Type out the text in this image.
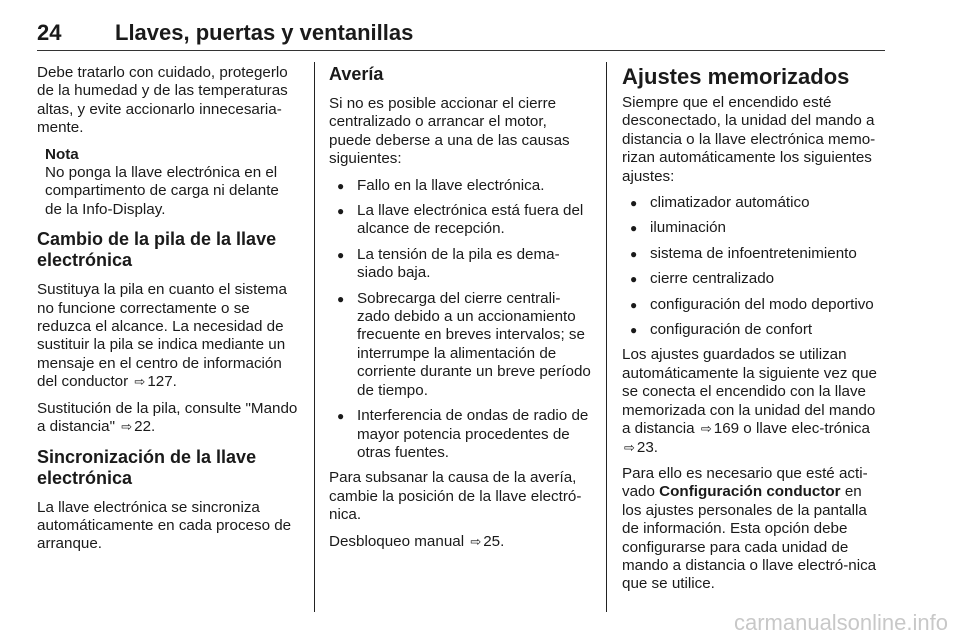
24 Llaves, puertas y ventanillas

Debe tratarlo con cuidado, protegerlo de la humedad y de las temperaturas altas, y evite accionarlo innecesaria-mente.

Nota
No ponga la llave electrónica en el compartimento de carga ni delante de la Info-Display.
Cambio de la pila de la llave electrónica

Sustituya la pila en cuanto el sistema no funcione correctamente o se reduzca el alcance. La necesidad de sustituir la pila se indica mediante un mensaje en el centro de información del conductor ⇨ 127.

Sustitución de la pila, consulte "Mando a distancia" ⇨ 22.

Sincronización de la llave electrónica

La llave electrónica se sincroniza automáticamente en cada proceso de arranque.

Avería

Si no es posible accionar el cierre centralizado o arrancar el motor, puede deberse a una de las causas siguientes:

● Fallo en la llave electrónica.
● La llave electrónica está fuera del alcance de recepción.
● La tensión de la pila es dema-siado baja.
● Sobrecarga del cierre centrali-zado debido a un accionamiento frecuente en breves intervalos; se interrumpe la alimentación de corriente durante un breve período de tiempo.
● Interferencia de ondas de radio de mayor potencia procedentes de otras fuentes.

Para subsanar la causa de la avería, cambie la posición de la llave electró-nica.

Desbloqueo manual ⇨ 25.

Ajustes memorizados

Siempre que el encendido esté desconectado, la unidad del mando a distancia o la llave electrónica memo-rizan automáticamente los siguientes ajustes:

● climatizador automático
● iluminación
● sistema de infoentretenimiento
● cierre centralizado
● configuración del modo deportivo
● configuración de confort

Los ajustes guardados se utilizan automáticamente la siguiente vez que se conecta el encendido con la llave memorizada con la unidad del mando a distancia ⇨ 169 o llave elec-trónica ⇨ 23.

Para ello es necesario que esté acti-vado Configuración conductor en los ajustes personales de la pantalla de información. Esta opción debe configurarse para cada unidad de mando a distancia o llave electró-nica que se utilice.

carmanualsonline.info
